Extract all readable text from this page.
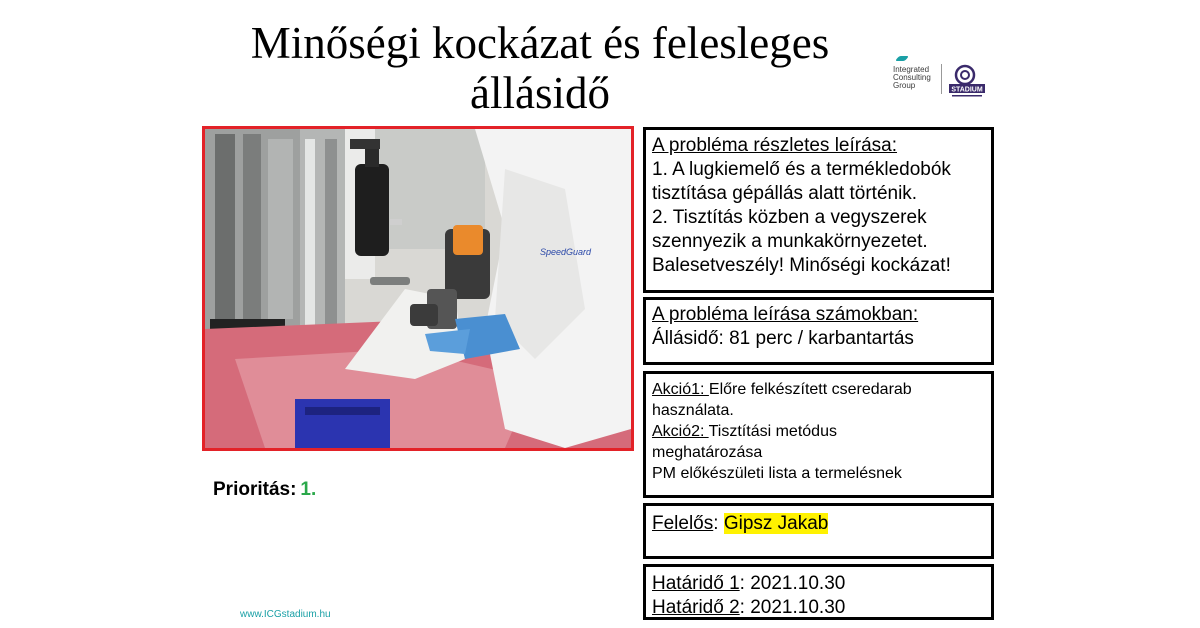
Minőségi kockázat és felesleges
állásidő	Integrated
Consulting
Group	STADIUM
SpeedGuard
A probléma részletes leírása:
1. A lugkiemelő és a termékledobók
tisztítása gépállás alatt történik.
2. Tisztítás közben a vegyszerek
szennyezik a munkakörnyezetet.
Balesetveszély! Minőségi kockázat!
A probléma leírása számokban:
Állásidő: 81 perc / karbantartás
Akció1: Előre felkészített cseredarab
használata.
Akció2: Tisztítási metódus
meghatározása
PM előkészületi lista a termelésnek
Felelős: Gipsz Jakab
Határidő 1: 2021.10.30
Határidő 2: 2021.10.30
Prioritás: 1.
www.ICGstadium.hu
